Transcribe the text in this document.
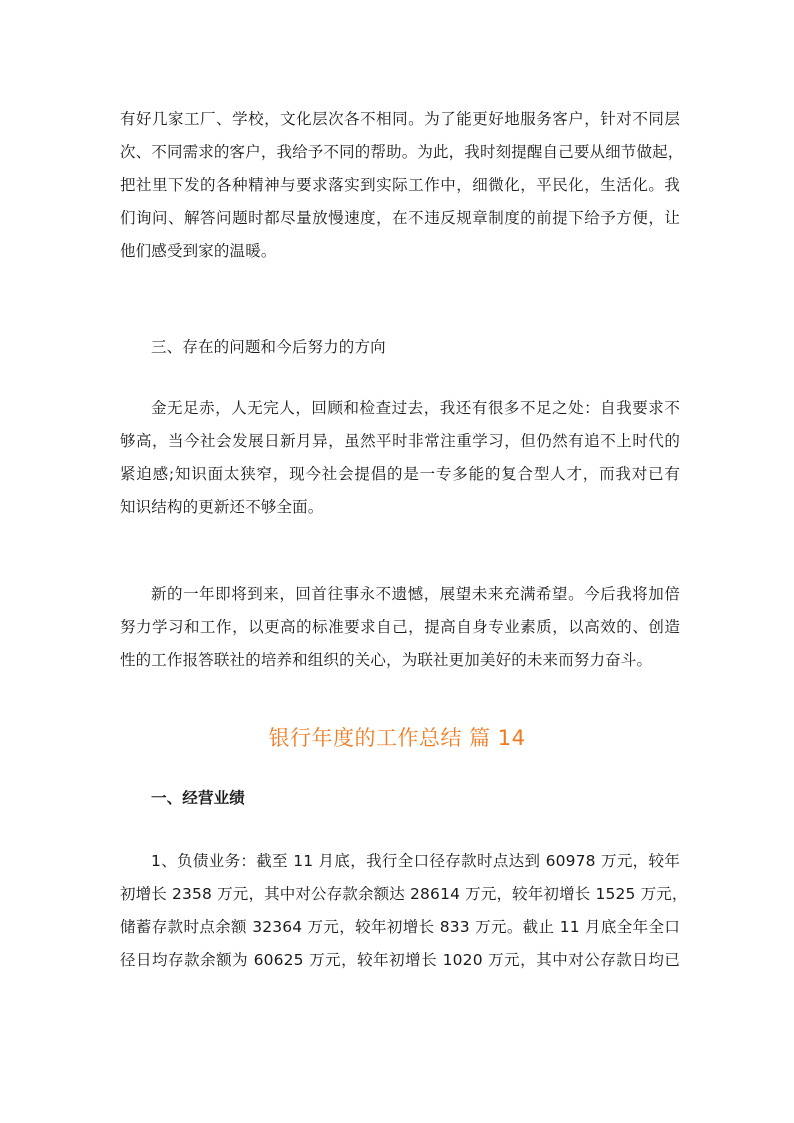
有好几家工厂、学校，文化层次各不相同。为了能更好地服务客户，针对不同层
次、不同需求的客户，我给予不同的帮助。为此，我时刻提醒自己要从细节做起，
把社里下发的各种精神与要求落实到实际工作中，细微化，平民化，生活化。我
们询问、解答问题时都尽量放慢速度，在不违反规章制度的前提下给予方便，让
他们感受到家的温暖。
三、存在的问题和今后努力的方向
金无足赤，人无完人，回顾和检查过去，我还有很多不足之处：自我要求不
够高，当今社会发展日新月异，虽然平时非常注重学习，但仍然有追不上时代的
紧迫感;知识面太狭窄，现今社会提倡的是一专多能的复合型人才，而我对已有
知识结构的更新还不够全面。
新的一年即将到来，回首往事永不遗憾，展望未来充满希望。今后我将加倍
努力学习和工作，以更高的标准要求自己，提高自身专业素质，以高效的、创造
性的工作报答联社的培养和组织的关心，为联社更加美好的未来而努力奋斗。
银行年度的工作总结 篇 14
一、经营业绩
1、负债业务：截至 11 月底，我行全口径存款时点达到 60978 万元，较年
初增长 2358 万元，其中对公存款余额达 28614 万元，较年初增长 1525 万元，
储蓄存款时点余额 32364 万元，较年初增长 833 万元。截止 11 月底全年全口
径日均存款余额为 60625 万元，较年初增长 1020 万元，其中对公存款日均已
